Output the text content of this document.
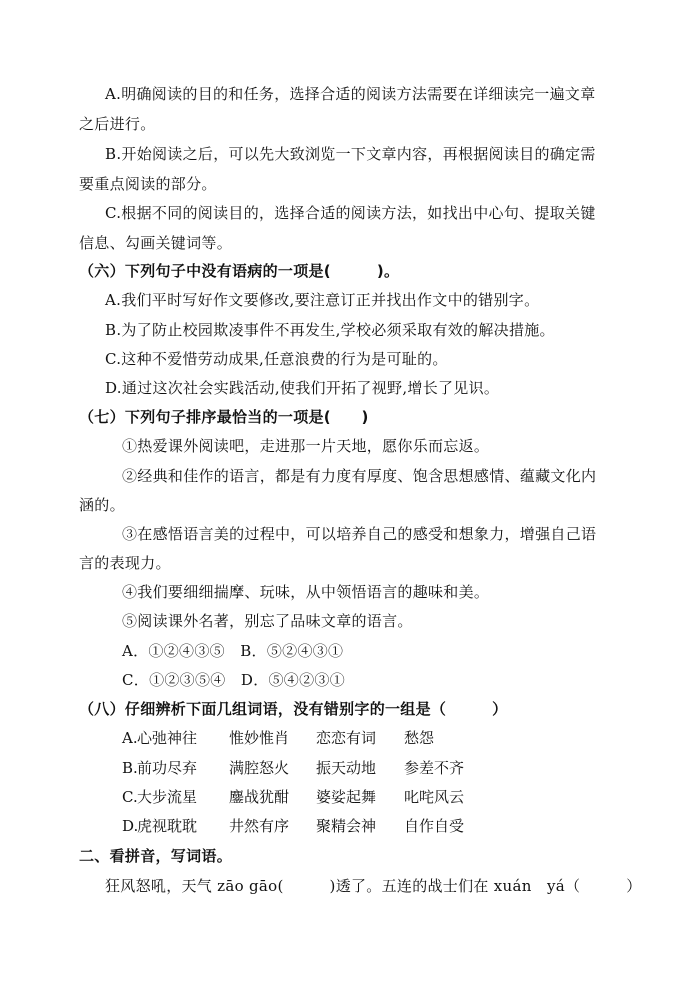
A.明确阅读的目的和任务，选择合适的阅读方法需要在详细读完一遍文章
之后进行。
B.开始阅读之后，可以先大致浏览一下文章内容，再根据阅读目的确定需
要重点阅读的部分。
C.根据不同的阅读目的，选择合适的阅读方法，如找出中心句、提取关键
信息、勾画关键词等。
（六）下列句子中没有语病的一项是(　　　)。
A.我们平时写好作文要修改,要注意订正并找出作文中的错别字。
B.为了防止校园欺凌事件不再发生,学校必须采取有效的解决措施。
C.这种不爱惜劳动成果,任意浪费的行为是可耻的。
D.通过这次社会实践活动,使我们开拓了视野,增长了见识。
（七）下列句子排序最恰当的一项是(　　)
①热爱课外阅读吧，走进那一片天地，愿你乐而忘返。
②经典和佳作的语言，都是有力度有厚度、饱含思想感情、蕴藏文化内
涵的。
③在感悟语言美的过程中，可以培养自己的感受和想象力，增强自己语
言的表现力。
④我们要细细揣摩、玩味，从中领悟语言的趣味和美。
⑤阅读课外名著，别忘了品味文章的语言。
A．①②④③⑤　B．⑤②④③①
C．①②③⑤④　D．⑤④②③①
（八）仔细辨析下面几组词语，没有错别字的一组是（　　　）
A. 心弛神往 惟妙惟肖 恋恋有词 愁怨
B. 前功尽弃 满腔怒火 振天动地 参差不齐
C. 大步流星 鏖战犹酣 婆娑起舞 叱咤风云
D.
虎视耽耽 井然有序 聚精会神 自作自受
二、看拼音，写词语。
狂风怒吼，天气 zāo gāo(　　　)透了。五连的战士们在 xuán　yá（　　　）
